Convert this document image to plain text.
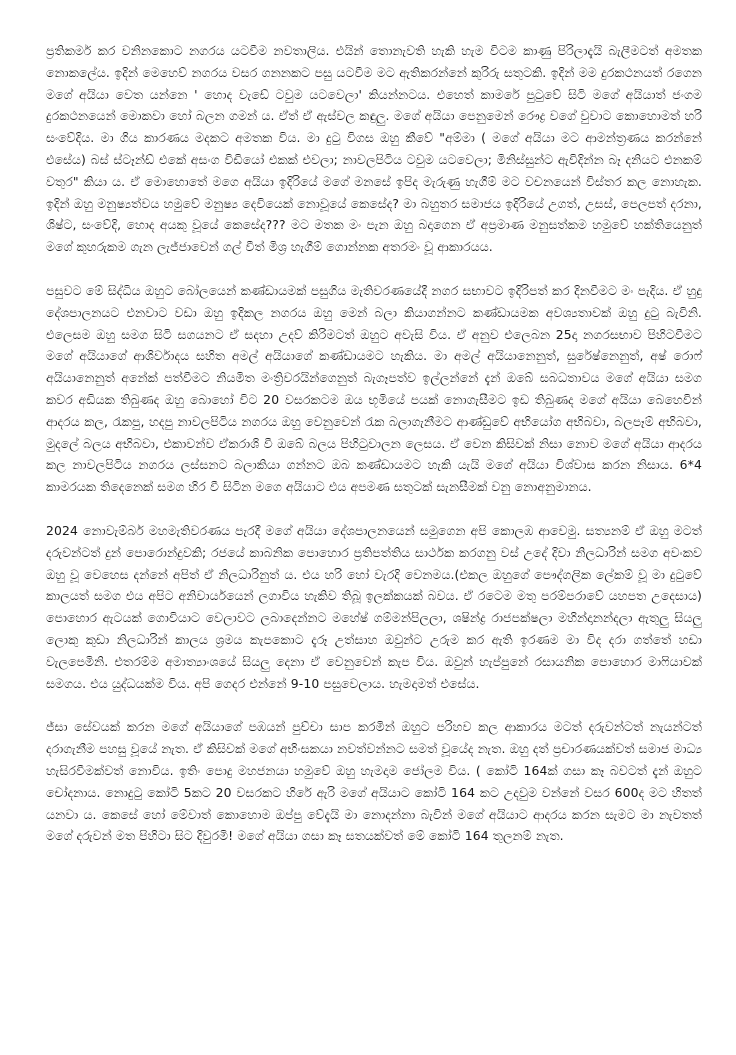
ප්‍රතිකර්ම කර වනිනකොට නගරය යටවීම නවතාලිය. එයින් තොනැවති හැකි හැම විටම කාණු පිරිලාදැයි බැලීමටත් අමතක නොකලේය. ඉදින් මෙහෙව් නගරය වසර ගනනකට පසු යටවීම මට ඇතිකරන්නේ කුරිරු සතුටකි. ඉදින් මම දුරකථනයත් රගෙන මගේ අයියා වෙත යන්නෙ ' හොද වැඩේ ටවුම යටවෙලා' කියන්නටය. එහෙත් කාමරේ පුටුවේ සිටි මගේ අයියාත් ජංගම දුරකථනයෙන් මොකවා හෝ බලන ගමන් ය. ඒත් ඒ ඇස්වල කඳුලු. මගේ අයියා පෙනුමෙන් රෞද්‍ර වගේ වුවාට කොහොමත් හරි සංවේදිය. මා ගිය කාරණය මදකට අමතක විය. මා දුටු විගස ඔහු කීවේ "අම්මා ( මගේ අයියා මට ආමන්ත්‍රණය කරන්නේ එසේය) බස් ස්ටෑන්ඩ් එකේ අසංග විඩියෝ එකක් එවලා; නාවලපිටිය ටවුම යටවෙලා; මිනිස්සුන්ට ඇවිදින්න බෑ දනියට එනකම් වතුර" කියා ය. ඒ මොහොතේ මගෙ අයියා ඉදිරියේ මගේ මනසේ ඉපිද මැරුණු හැගීම් මට වචනයෙන් විස්තර කල නොහැක. ඉදින් ඔහු මනුෂ්‍යත්වය හමුවේ මනුෂ්‍ය දෙවියෙක් නොවූයේ කෙසේද? මා බහුතර සමාජය ඉදිරියේ උගත්, උසස්, පෙලපත් දරනා, ශිෂ්ට, සංවේදි, හොද අයකු වූයේ කෙසේද??? මට මතක මං පැන ඔහු බදාගෙන ඒ අප්‍රමාණ මනුසත්කම හමුවේ හක්තියෙනුත් මගේ කුහරුකම ගැන ලැජ්ජාවෙන් ගල් වීත් මිශ්‍ර හැගීම් ගොන්නක අතරමං වූ ආකාරයය.

පසුවට මේ සිද්ධිය ඔහුට බෝලයෙන් කණ්ඩායමක් පසුගිය මැතිවරණයේදී නගර සභාවට ඉදිරිපත් කර දිනවීමට මං පැදිය. ඒ හුදු දේශපාලනයට එනවාට වඩා ඔහු ඉදිකල නගරය ඔහු මෙන් බලා කියාගන්නට කණ්ඩායමක අවශ්‍යතාවක් ඔහු දුටු බැවිනි. එලෙසම ඔහු සමග සිටි සගයනට ඒ සදහා උදව් කිරිමටත් ඔහුට අවැසි විය. ඒ අනුව එලෙබන 25දා නගරසභාව පිහිටවීමට මගේ අයියාගේ ආශිර්වාදය සහිත අමල් අයියාගේ කණ්ඩායමට හැකිය. මා අමල් අයියානෙනුත්, සුරේෂ්නෙනුත්, අෂ් රොෆ් අයියානෙනුත් අනේක් පත්වීමට නියමිත මංත්‍රිවරයින්ගෙනුත් බැගෑපත්ව ඉල්ලන්නේ දැන් ඔබේ සබධතාවය මගේ අයියා සමග කවර අඩියක තිබුණද ඔහු බොහෝ විට 20 වසරකටම ඔය භූමියේ පයක් නොගැසීමට ඉඩ තිබුණද මගේ අයියා බෙහෙවින් ආදරය කල, රැකපු, හදපු නාවලපිටිය නගරය ඔහු වෙනුවෙන් රැක බලාගැනීමට ආණ්ඩුවේ අභියෝග අභිබවා, බලපෑම් අභිබවා, මුදලේ බලය අභිබවා, එකාවන්ව ඒකරාශි වී ඔබේ බලය පිහිටුවාලන ලෙසය. ඒ වෙන කිසිවක් නිසා නොව මගේ අයියා ආදරය කල නාවලපිටිය නගරය ලස්සනට බලාකියා ගන්නට ඔබ කණ්ඩායමට හැකි යැයි මගේ අයියා විශ්වාස කරන නිසාය. 6*4 කාමරයක තිදෙනෙක් සමග හිර වී සිටින මගෙ අයියාට එය අපමණ සතුටක් සැනසීමක් වනු නොඅනුමානය.

2024 නොවැම්බර් මහමැතිවරණය පැරදී මගේ අයියා දේශපාලනයෙන් සමුගෙන අපි කොලඹ ආවෙමු. සත්‍යනම් ඒ ඔහු මටත් දරුවන්ටත් දුන් පොරොන්දුවකි; රජයේ කාබනික පොහොර ප්‍රතිපත්තිය සාර්ථක කරගනු වස් උදේ දිවා නිලධාරින් සමග අවංකව ඔහු වූ වෙහෙස දන්නේ අපිත් ඒ නිලධාරිනුත් ය. එය හරි හෝ වැරදි වෙනමය.(එකල ඔහුගේ පෞද්ගලික ලේකම් වූ මා දුටුවේ කාලයත් සමග එය අපිට අනිවාර්යයෙන් ලගාවිය හැකිව තිබූ ඉලක්කයක් බවය. ඒ රටෙම මතු පරම්පරාවේ යහපත උදෙසාය) පොහොර ඇටයක් ගොවියාට වෙලාවට ලබාදෙන්නට මහේෂ් ගම්මන්පිලලා, ශෂින්ද්‍ර රාජපක්ෂලා මහින්දානන්දලා ඇතුලු සියලු ලොකු කුඩා නිලධාරින් කාලය ශ්‍රමය කැපකොට දැරූ උත්සාහ ඔවුන්ට උරුම කර ඇති ඉරණම මා විද දරා ගත්තේ හඩා වැලපෙමිනි. එතරම්ම අමාත්‍යාංශයේ සියලු දෙනා ඒ වෙනුවෙන් කැප විය. ඔවුන් හැප්පුනේ රසායනික පොහොර මාෆියාවක් සමගය. එය යුද්ධයක්ම විය. අපි ගෙදර එන්නේ 9-10 පසුවෙලාය. හැමදාමත් එසේය.

ජ්සා සේවයක් කරන මගේ අයියාගේ පඹයන් පුච්චා සාප කරමින් ඔහුට පරිහව කල ආකාරය මටත් දරුවන්ටත් නැයන්ටත් දරාගැනීම පහසු වූයේ නැත. ඒ කිසිවක් මගේ අභිංසකයා නවත්වන්නට සමත් වූයේද නැත. ඔහු දත් ප්‍රචාරණයක්වත් සමාජ මාධ්‍ය හැසිරවීමක්වත් නොවිය. ඉතිං පොදු මහජනයා හමුවේ ඔහු හැමදාම ජෝලම විය. ( කෝටි 164ක් ගසා කෑ බවටත් දැන් ඔහුට චෝදනාය. නොදුටු කෝටි 5කට 20 වසරකට හිරේ ඇරි මගේ අයියාට කෝටි 164 කට උදවුම වන්නේ වසර 600ද මට හිතත් යනවා ය. කෙසේ හෝ මේවාත් කොහොම ඔප්පු වේදැයි මා නොදන්නා බැවින් මගේ අයියාට ආදරය කරන සැමට මා නැවතත් මගේ දරුවන් මත පිහිටා සිට දිවුරමි! මගේ අයියා ගසා කෑ සතයක්වත් මේ කෝටි 164 තුලනම් නැත.
